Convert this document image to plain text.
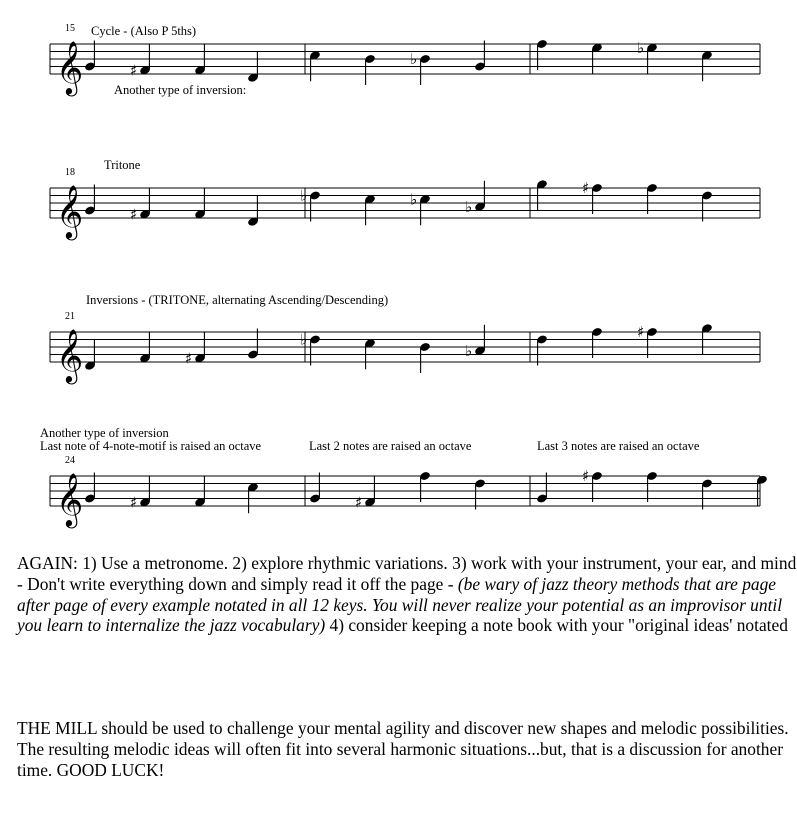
𝄞	♯
♭
♭
𝄞	♯
♭	♭	♭
♯
𝄞	♯
♭
♭
♯
𝄞	♯	♯
♯
15 Cycle - (Also P 5ths)
Another type of inversion:
18
Tritone
21
Inversions - (TRITONE, alternating Ascending/Descending)
Another type of inversion
Last note of 4-note-motif is raised an octave	Last 2 notes are raised an octave	Last 3 notes are raised an octave
24

AGAIN: 1) Use a metronome. 2) explore rhythmic variations. 3) work with your instrument, your ear, and mind - Don't write everything down and simply read it off the page - (be wary of jazz theory methods that are page after page of every example notated in all 12 keys. You will never realize your potential as an improvisor until you learn to internalize the jazz vocabulary) 4) consider keeping a note book with your "original ideas' notated

THE MILL should be used to challenge your mental agility and discover new shapes and melodic possibilities. The resulting melodic ideas will often fit into several harmonic situations...but, that is a discussion for another time. GOOD LUCK!
